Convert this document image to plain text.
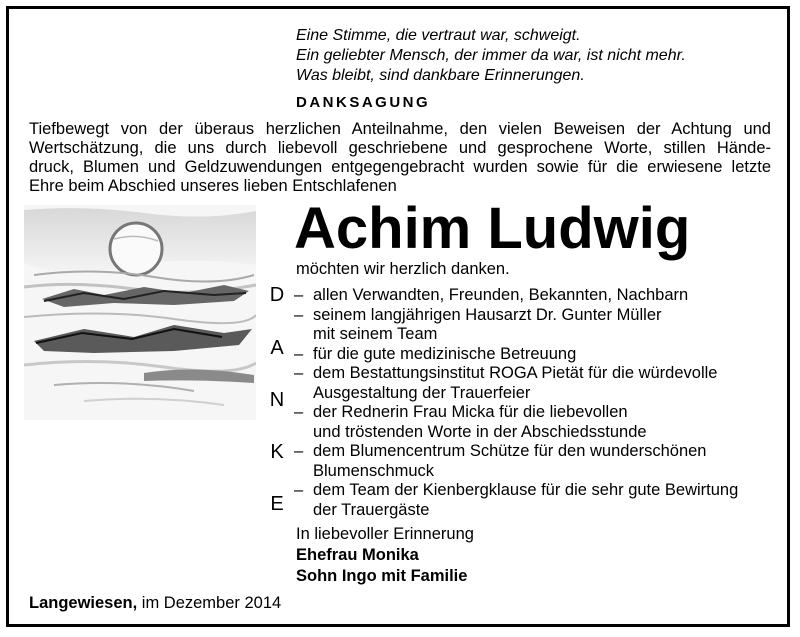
Eine Stimme, die vertraut war, schweigt.
Ein geliebter Mensch, der immer da war, ist nicht mehr.
Was bleibt, sind dankbare Erinnerungen.
DANKSAGUNG
Tiefbewegt von der überaus herzlichen Anteilnahme, den vielen Beweisen der Achtung und
Wertschätzung, die uns durch liebevoll geschriebene und gesprochene Worte, stillen Hände-
druck, Blumen und Geldzuwendungen entgegengebracht wurden sowie für die erwiesene letzte
Ehre beim Abschied unseres lieben Entschlafenen
Achim Ludwig
möchten wir herzlich danken.
D
A
N
K
E
– allen Verwandten, Freunden, Bekannten, Nachbarn
– seinem langjährigen Hausarzt Dr. Gunter Müller
mit seinem Team
– für die gute medizinische Betreuung
– dem Bestattungsinstitut ROGA Pietät für die würdevolle
Ausgestaltung der Trauerfeier
– der Rednerin Frau Micka für die liebevollen
und tröstenden Worte in der Abschiedsstunde
– dem Blumencentrum Schütze für den wunderschönen
Blumenschmuck
– dem Team der Kienbergklause für die sehr gute Bewirtung
der Trauergäste
In liebevoller Erinnerung
Ehefrau Monika
Sohn Ingo mit Familie
Langewiesen, im Dezember 2014
